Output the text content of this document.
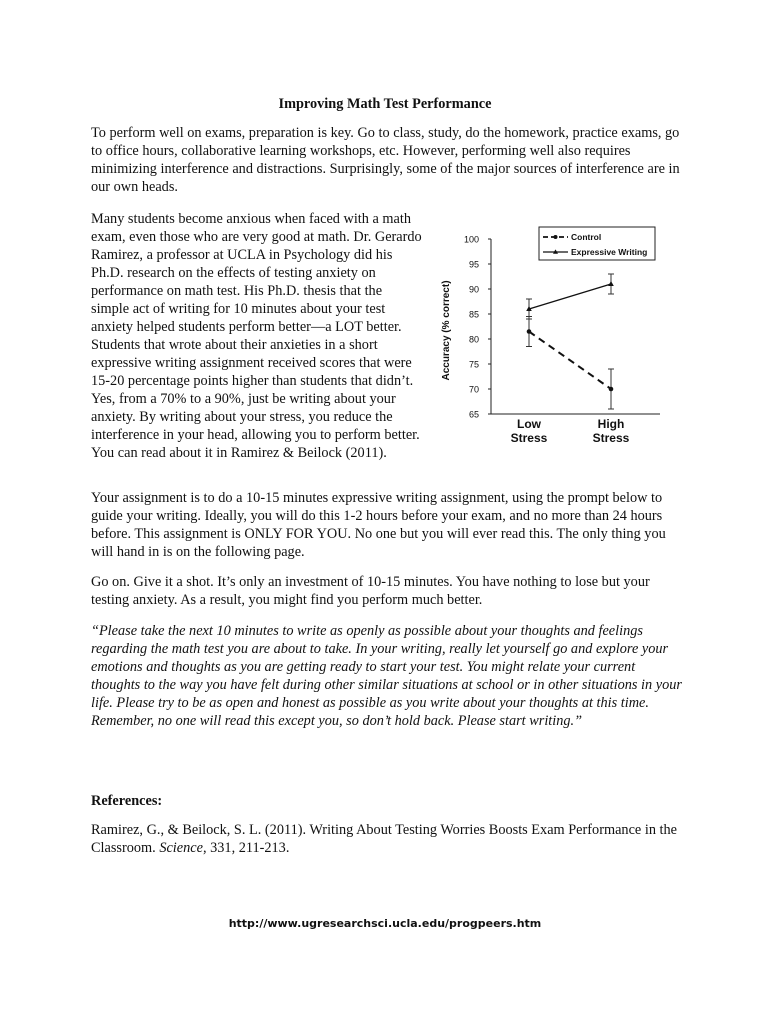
Improving Math Test Performance

To perform well on exams, preparation is key. Go to class, study, do the homework, practice exams, go to office hours, collaborative learning workshops, etc. However, performing well also requires minimizing interference and distractions. Surprisingly, some of the major sources of interference are in our own heads.

Many students become anxious when faced with a math exam, even those who are very good at math. Dr. Gerardo Ramirez, a professor at UCLA in Psychology did his Ph.D. research on the effects of testing anxiety on performance on math test. His Ph.D. thesis that the simple act of writing for 10 minutes about your test anxiety helped students perform better—a LOT better. Students that wrote about their anxieties in a short expressive writing assignment received scores that were 15-20 percentage points higher than students that didn’t. Yes, from a 70% to a 90%, just be writing about your anxiety. By writing about your stress, you reduce the interference in your head, allowing you to perform better. You can read about it in Ramirez & Beilock (2011).

65
70
75
80
85
90
95
100
Accuracy (% correct)
Low
Stress
High
Stress
Control
Expressive Writing

Your assignment is to do a 10-15 minutes expressive writing assignment, using the prompt below to guide your writing. Ideally, you will do this 1-2 hours before your exam, and no more than 24 hours before. This assignment is ONLY FOR YOU. No one but you will ever read this. The only thing you will hand in is on the following page.

Go on. Give it a shot. It’s only an investment of 10-15 minutes. You have nothing to lose but your testing anxiety. As a result, you might find you perform much better.

“Please take the next 10 minutes to write as openly as possible about your thoughts and feelings regarding the math test you are about to take. In your writing, really let yourself go and explore your emotions and thoughts as you are getting ready to start your test. You might relate your current thoughts to the way you have felt during other similar situations at school or in other situations in your life. Please try to be as open and honest as possible as you write about your thoughts at this time. Remember, no one will read this except you, so don’t hold back. Please start writing.”

References:

Ramirez, G., & Beilock, S. L. (2011). Writing About Testing Worries Boosts Exam Performance in the Classroom. Science, 331, 211-213.

http://www.ugresearchsci.ucla.edu/progpeers.htm
